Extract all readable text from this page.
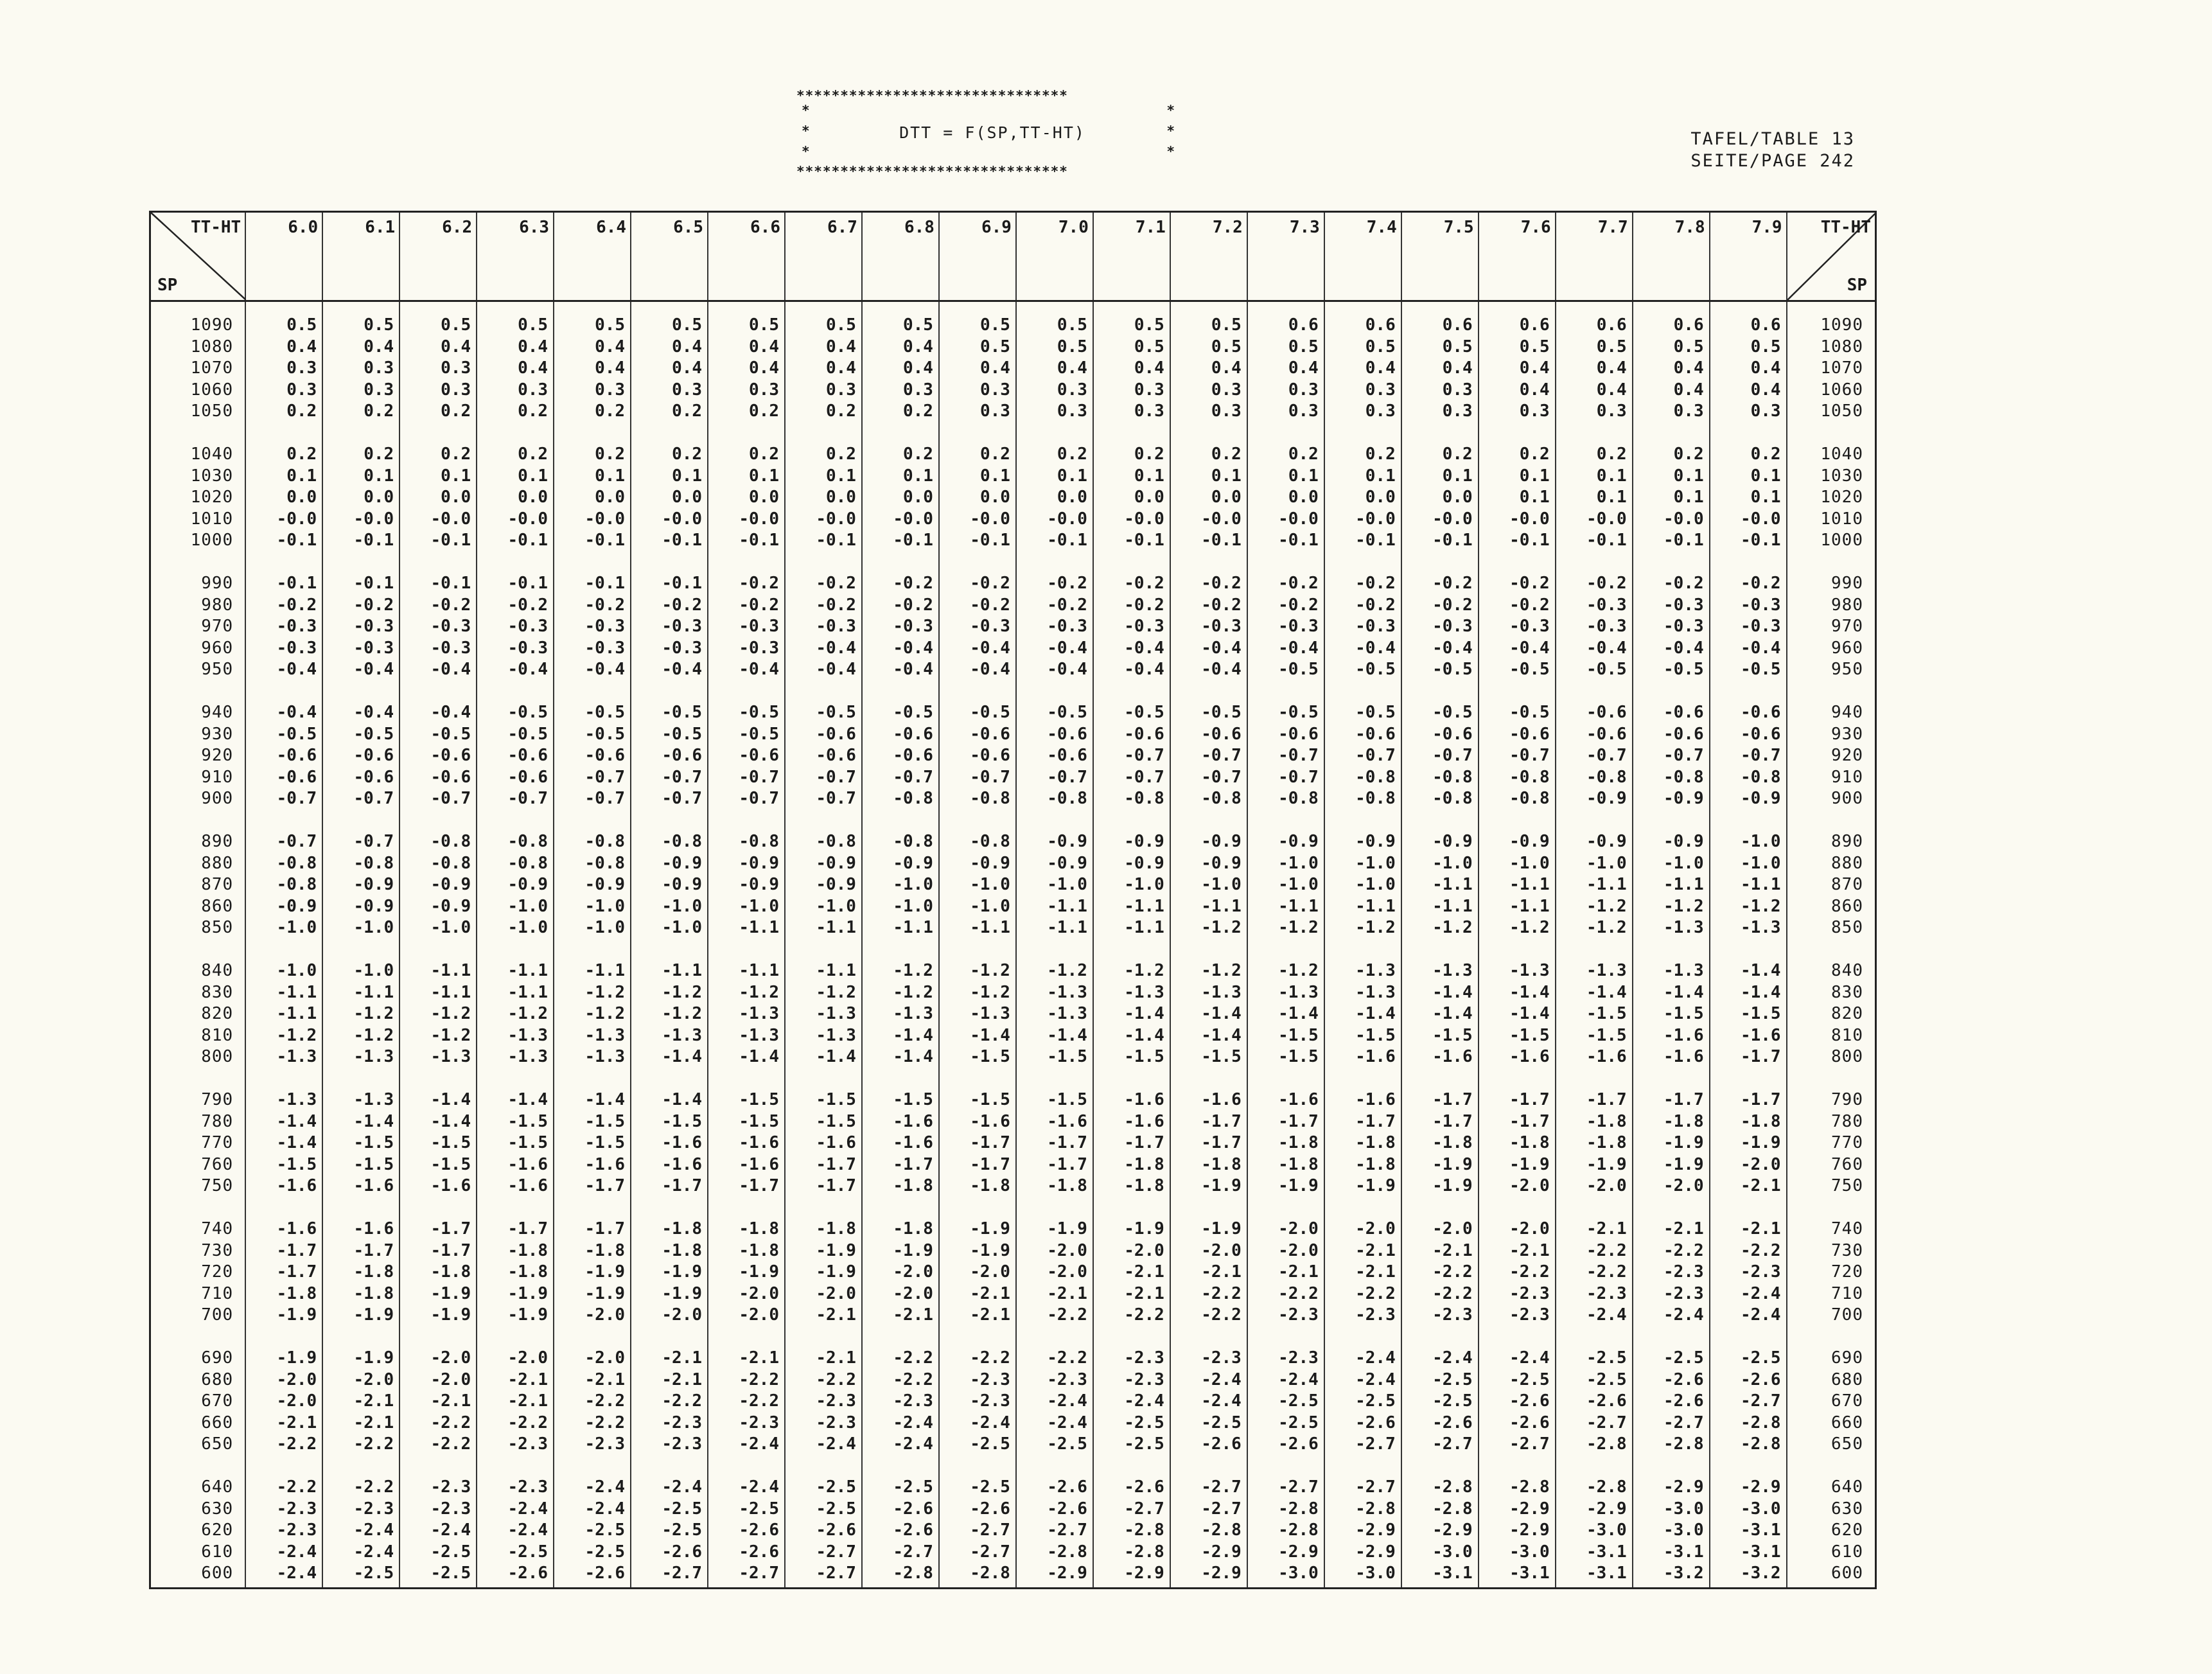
*******************************
*	*
*	DTT = F(SP,TT-HT)	*
*	*
*******************************
TAFEL/TABLE 13
SEITE/PAGE 242
TT-HT
SP	6.0	6.1	6.2	6.3	6.4	6.5	6.6	6.7	6.8	6.9	7.0	7.1	7.2	7.3	7.4	7.5	7.6	7.7	7.8	7.9	TT-HT
SP

1090	0.5	0.5	0.5	0.5	0.5	0.5	0.5	0.5	0.5	0.5	0.5	0.5	0.5	0.6	0.6	0.6	0.6	0.6	0.6	0.6	1090
1080	0.4	0.4	0.4	0.4	0.4	0.4	0.4	0.4	0.4	0.5	0.5	0.5	0.5	0.5	0.5	0.5	0.5	0.5	0.5	0.5	1080
1070	0.3	0.3	0.3	0.4	0.4	0.4	0.4	0.4	0.4	0.4	0.4	0.4	0.4	0.4	0.4	0.4	0.4	0.4	0.4	0.4	1070
1060	0.3	0.3	0.3	0.3	0.3	0.3	0.3	0.3	0.3	0.3	0.3	0.3	0.3	0.3	0.3	0.3	0.4	0.4	0.4	0.4	1060
1050	0.2	0.2	0.2	0.2	0.2	0.2	0.2	0.2	0.2	0.3	0.3	0.3	0.3	0.3	0.3	0.3	0.3	0.3	0.3	0.3	1050

1040	0.2	0.2	0.2	0.2	0.2	0.2	0.2	0.2	0.2	0.2	0.2	0.2	0.2	0.2	0.2	0.2	0.2	0.2	0.2	0.2	1040
1030	0.1	0.1	0.1	0.1	0.1	0.1	0.1	0.1	0.1	0.1	0.1	0.1	0.1	0.1	0.1	0.1	0.1	0.1	0.1	0.1	1030
1020	0.0	0.0	0.0	0.0	0.0	0.0	0.0	0.0	0.0	0.0	0.0	0.0	0.0	0.0	0.0	0.0	0.1	0.1	0.1	0.1	1020
1010	-0.0	-0.0	-0.0	-0.0	-0.0	-0.0	-0.0	-0.0	-0.0	-0.0	-0.0	-0.0	-0.0	-0.0	-0.0	-0.0	-0.0	-0.0	-0.0	-0.0	1010
1000	-0.1	-0.1	-0.1	-0.1	-0.1	-0.1	-0.1	-0.1	-0.1	-0.1	-0.1	-0.1	-0.1	-0.1	-0.1	-0.1	-0.1	-0.1	-0.1	-0.1	1000

990	-0.1	-0.1	-0.1	-0.1	-0.1	-0.1	-0.2	-0.2	-0.2	-0.2	-0.2	-0.2	-0.2	-0.2	-0.2	-0.2	-0.2	-0.2	-0.2	-0.2	990
980	-0.2	-0.2	-0.2	-0.2	-0.2	-0.2	-0.2	-0.2	-0.2	-0.2	-0.2	-0.2	-0.2	-0.2	-0.2	-0.2	-0.2	-0.3	-0.3	-0.3	980
970	-0.3	-0.3	-0.3	-0.3	-0.3	-0.3	-0.3	-0.3	-0.3	-0.3	-0.3	-0.3	-0.3	-0.3	-0.3	-0.3	-0.3	-0.3	-0.3	-0.3	970
960	-0.3	-0.3	-0.3	-0.3	-0.3	-0.3	-0.3	-0.4	-0.4	-0.4	-0.4	-0.4	-0.4	-0.4	-0.4	-0.4	-0.4	-0.4	-0.4	-0.4	960
950	-0.4	-0.4	-0.4	-0.4	-0.4	-0.4	-0.4	-0.4	-0.4	-0.4	-0.4	-0.4	-0.4	-0.5	-0.5	-0.5	-0.5	-0.5	-0.5	-0.5	950

940	-0.4	-0.4	-0.4	-0.5	-0.5	-0.5	-0.5	-0.5	-0.5	-0.5	-0.5	-0.5	-0.5	-0.5	-0.5	-0.5	-0.5	-0.6	-0.6	-0.6	940
930	-0.5	-0.5	-0.5	-0.5	-0.5	-0.5	-0.5	-0.6	-0.6	-0.6	-0.6	-0.6	-0.6	-0.6	-0.6	-0.6	-0.6	-0.6	-0.6	-0.6	930
920	-0.6	-0.6	-0.6	-0.6	-0.6	-0.6	-0.6	-0.6	-0.6	-0.6	-0.6	-0.7	-0.7	-0.7	-0.7	-0.7	-0.7	-0.7	-0.7	-0.7	920
910	-0.6	-0.6	-0.6	-0.6	-0.7	-0.7	-0.7	-0.7	-0.7	-0.7	-0.7	-0.7	-0.7	-0.7	-0.8	-0.8	-0.8	-0.8	-0.8	-0.8	910
900	-0.7	-0.7	-0.7	-0.7	-0.7	-0.7	-0.7	-0.7	-0.8	-0.8	-0.8	-0.8	-0.8	-0.8	-0.8	-0.8	-0.8	-0.9	-0.9	-0.9	900

890	-0.7	-0.7	-0.8	-0.8	-0.8	-0.8	-0.8	-0.8	-0.8	-0.8	-0.9	-0.9	-0.9	-0.9	-0.9	-0.9	-0.9	-0.9	-0.9	-1.0	890
880	-0.8	-0.8	-0.8	-0.8	-0.8	-0.9	-0.9	-0.9	-0.9	-0.9	-0.9	-0.9	-0.9	-1.0	-1.0	-1.0	-1.0	-1.0	-1.0	-1.0	880
870	-0.8	-0.9	-0.9	-0.9	-0.9	-0.9	-0.9	-0.9	-1.0	-1.0	-1.0	-1.0	-1.0	-1.0	-1.0	-1.1	-1.1	-1.1	-1.1	-1.1	870
860	-0.9	-0.9	-0.9	-1.0	-1.0	-1.0	-1.0	-1.0	-1.0	-1.0	-1.1	-1.1	-1.1	-1.1	-1.1	-1.1	-1.1	-1.2	-1.2	-1.2	860
850	-1.0	-1.0	-1.0	-1.0	-1.0	-1.0	-1.1	-1.1	-1.1	-1.1	-1.1	-1.1	-1.2	-1.2	-1.2	-1.2	-1.2	-1.2	-1.3	-1.3	850

840	-1.0	-1.0	-1.1	-1.1	-1.1	-1.1	-1.1	-1.1	-1.2	-1.2	-1.2	-1.2	-1.2	-1.2	-1.3	-1.3	-1.3	-1.3	-1.3	-1.4	840
830	-1.1	-1.1	-1.1	-1.1	-1.2	-1.2	-1.2	-1.2	-1.2	-1.2	-1.3	-1.3	-1.3	-1.3	-1.3	-1.4	-1.4	-1.4	-1.4	-1.4	830
820	-1.1	-1.2	-1.2	-1.2	-1.2	-1.2	-1.3	-1.3	-1.3	-1.3	-1.3	-1.4	-1.4	-1.4	-1.4	-1.4	-1.4	-1.5	-1.5	-1.5	820
810	-1.2	-1.2	-1.2	-1.3	-1.3	-1.3	-1.3	-1.3	-1.4	-1.4	-1.4	-1.4	-1.4	-1.5	-1.5	-1.5	-1.5	-1.5	-1.6	-1.6	810
800	-1.3	-1.3	-1.3	-1.3	-1.3	-1.4	-1.4	-1.4	-1.4	-1.5	-1.5	-1.5	-1.5	-1.5	-1.6	-1.6	-1.6	-1.6	-1.6	-1.7	800

790	-1.3	-1.3	-1.4	-1.4	-1.4	-1.4	-1.5	-1.5	-1.5	-1.5	-1.5	-1.6	-1.6	-1.6	-1.6	-1.7	-1.7	-1.7	-1.7	-1.7	790
780	-1.4	-1.4	-1.4	-1.5	-1.5	-1.5	-1.5	-1.5	-1.6	-1.6	-1.6	-1.6	-1.7	-1.7	-1.7	-1.7	-1.7	-1.8	-1.8	-1.8	780
770	-1.4	-1.5	-1.5	-1.5	-1.5	-1.6	-1.6	-1.6	-1.6	-1.7	-1.7	-1.7	-1.7	-1.8	-1.8	-1.8	-1.8	-1.8	-1.9	-1.9	770
760	-1.5	-1.5	-1.5	-1.6	-1.6	-1.6	-1.6	-1.7	-1.7	-1.7	-1.7	-1.8	-1.8	-1.8	-1.8	-1.9	-1.9	-1.9	-1.9	-2.0	760
750	-1.6	-1.6	-1.6	-1.6	-1.7	-1.7	-1.7	-1.7	-1.8	-1.8	-1.8	-1.8	-1.9	-1.9	-1.9	-1.9	-2.0	-2.0	-2.0	-2.1	750

740	-1.6	-1.6	-1.7	-1.7	-1.7	-1.8	-1.8	-1.8	-1.8	-1.9	-1.9	-1.9	-1.9	-2.0	-2.0	-2.0	-2.0	-2.1	-2.1	-2.1	740
730	-1.7	-1.7	-1.7	-1.8	-1.8	-1.8	-1.8	-1.9	-1.9	-1.9	-2.0	-2.0	-2.0	-2.0	-2.1	-2.1	-2.1	-2.2	-2.2	-2.2	730
720	-1.7	-1.8	-1.8	-1.8	-1.9	-1.9	-1.9	-1.9	-2.0	-2.0	-2.0	-2.1	-2.1	-2.1	-2.1	-2.2	-2.2	-2.2	-2.3	-2.3	720
710	-1.8	-1.8	-1.9	-1.9	-1.9	-1.9	-2.0	-2.0	-2.0	-2.1	-2.1	-2.1	-2.2	-2.2	-2.2	-2.2	-2.3	-2.3	-2.3	-2.4	710
700	-1.9	-1.9	-1.9	-1.9	-2.0	-2.0	-2.0	-2.1	-2.1	-2.1	-2.2	-2.2	-2.2	-2.3	-2.3	-2.3	-2.3	-2.4	-2.4	-2.4	700

690	-1.9	-1.9	-2.0	-2.0	-2.0	-2.1	-2.1	-2.1	-2.2	-2.2	-2.2	-2.3	-2.3	-2.3	-2.4	-2.4	-2.4	-2.5	-2.5	-2.5	690
680	-2.0	-2.0	-2.0	-2.1	-2.1	-2.1	-2.2	-2.2	-2.2	-2.3	-2.3	-2.3	-2.4	-2.4	-2.4	-2.5	-2.5	-2.5	-2.6	-2.6	680
670	-2.0	-2.1	-2.1	-2.1	-2.2	-2.2	-2.2	-2.3	-2.3	-2.3	-2.4	-2.4	-2.4	-2.5	-2.5	-2.5	-2.6	-2.6	-2.6	-2.7	670
660	-2.1	-2.1	-2.2	-2.2	-2.2	-2.3	-2.3	-2.3	-2.4	-2.4	-2.4	-2.5	-2.5	-2.5	-2.6	-2.6	-2.6	-2.7	-2.7	-2.8	660
650	-2.2	-2.2	-2.2	-2.3	-2.3	-2.3	-2.4	-2.4	-2.4	-2.5	-2.5	-2.5	-2.6	-2.6	-2.7	-2.7	-2.7	-2.8	-2.8	-2.8	650

640	-2.2	-2.2	-2.3	-2.3	-2.4	-2.4	-2.4	-2.5	-2.5	-2.5	-2.6	-2.6	-2.7	-2.7	-2.7	-2.8	-2.8	-2.8	-2.9	-2.9	640
630	-2.3	-2.3	-2.3	-2.4	-2.4	-2.5	-2.5	-2.5	-2.6	-2.6	-2.6	-2.7	-2.7	-2.8	-2.8	-2.8	-2.9	-2.9	-3.0	-3.0	630
620	-2.3	-2.4	-2.4	-2.4	-2.5	-2.5	-2.6	-2.6	-2.6	-2.7	-2.7	-2.8	-2.8	-2.8	-2.9	-2.9	-2.9	-3.0	-3.0	-3.1	620
610	-2.4	-2.4	-2.5	-2.5	-2.5	-2.6	-2.6	-2.7	-2.7	-2.7	-2.8	-2.8	-2.9	-2.9	-2.9	-3.0	-3.0	-3.1	-3.1	-3.1	610
600	-2.4	-2.5	-2.5	-2.6	-2.6	-2.7	-2.7	-2.7	-2.8	-2.8	-2.9	-2.9	-2.9	-3.0	-3.0	-3.1	-3.1	-3.1	-3.2	-3.2	600
